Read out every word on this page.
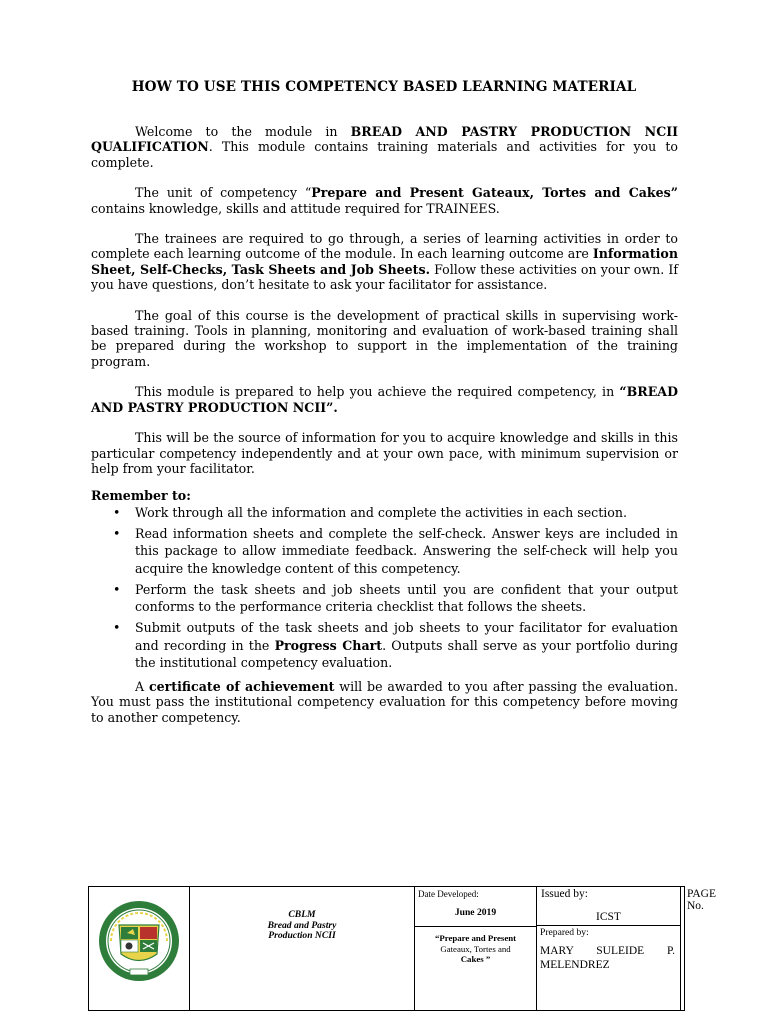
HOW TO USE THIS COMPETENCY BASED LEARNING MATERIAL

Welcome to the module in BREAD AND PASTRY PRODUCTION NCII QUALIFICATION. This module contains training materials and activities for you to complete.

The unit of competency “Prepare and Present Gateaux, Tortes and Cakes” contains knowledge, skills and attitude required for TRAINEES.

The trainees are required to go through, a series of learning activities in order to complete each learning outcome of the module. In each learning outcome are Information Sheet, Self-Checks, Task Sheets and Job Sheets. Follow these activities on your own. If you have questions, don’t hesitate to ask your facilitator for assistance.

The goal of this course is the development of practical skills in supervising work-based training. Tools in planning, monitoring and evaluation of work-based training shall be prepared during the workshop to support in the implementation of the training program.

This module is prepared to help you achieve the required competency, in “BREAD AND PASTRY PRODUCTION NCII”.

This will be the source of information for you to acquire knowledge and skills in this particular competency independently and at your own pace, with minimum supervision or help from your facilitator.

Remember to:
• Work through all the information and complete the activities in each section.
• Read information sheets and complete the self-check. Answer keys are included in this package to allow immediate feedback. Answering the self-check will help you acquire the knowledge content of this competency.
• Perform the task sheets and job sheets until you are confident that your output conforms to the performance criteria checklist that follows the sheets.
• Submit outputs of the task sheets and job sheets to your facilitator for evaluation and recording in the Progress Chart. Outputs shall serve as your portfolio during the institutional competency evaluation.

A certificate of achievement will be awarded to you after passing the evaluation. You must pass the institutional competency evaluation for this competency before moving to another competency.

CBLM
Bread and Pastry
Production NCII
Date Developed:
June 2019
“Prepare and Present
Gateaux, Tortes and
Cakes ”
Issued by:
ICST
Prepared by:
MARY SULEIDE P.
MELENDREZ
PAGE No.
